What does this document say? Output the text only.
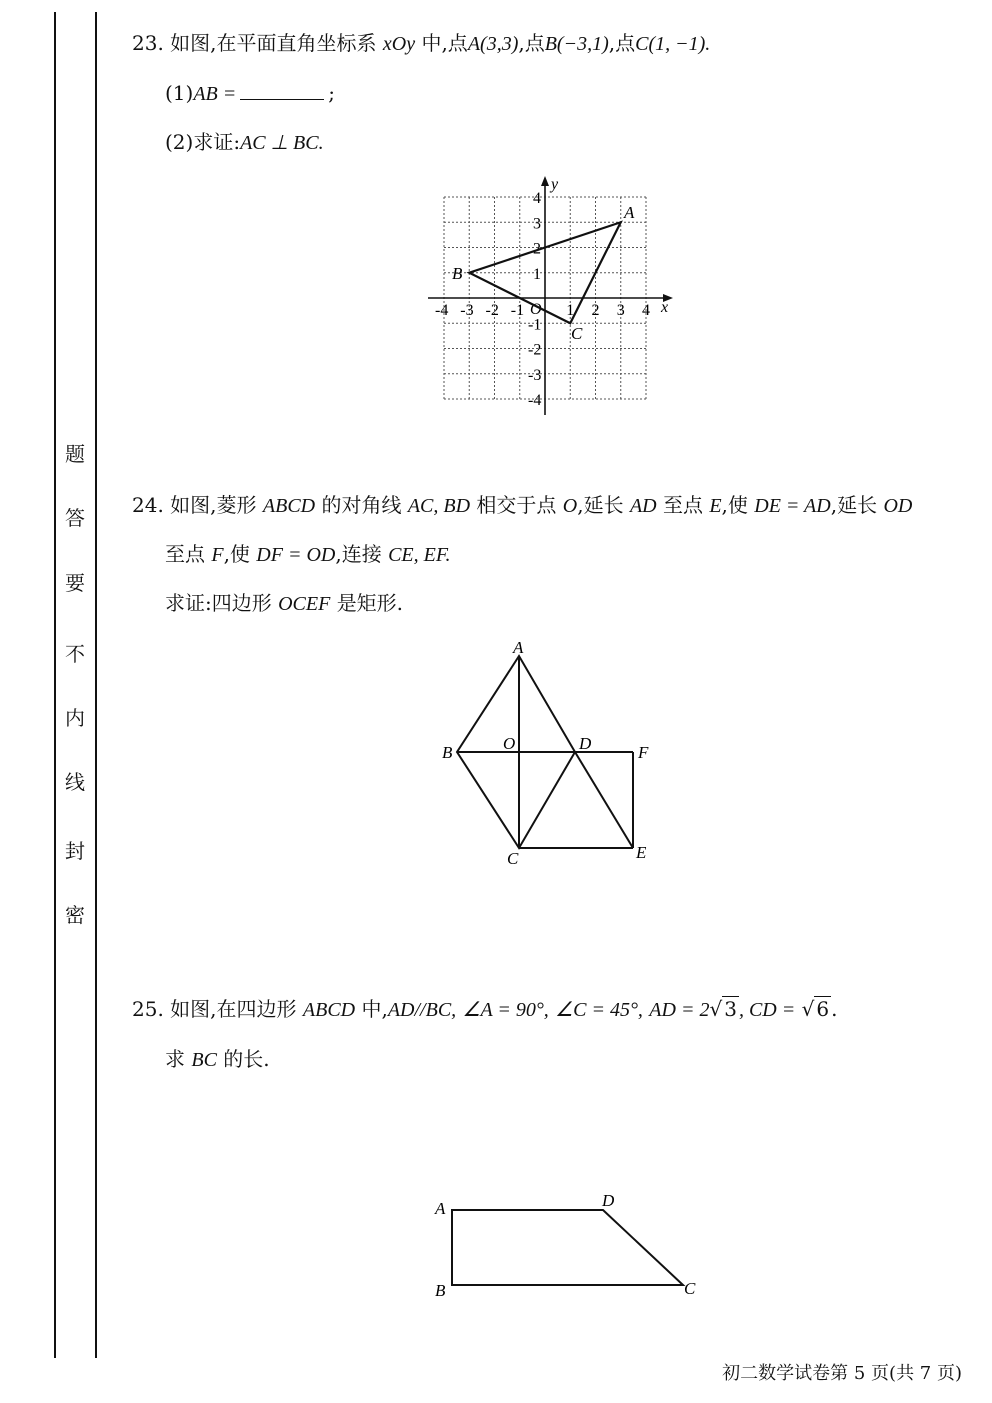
题
答
要
不
内
线
封
密
23. 如图,在平面直角坐标系 xOy 中,点A(3,3),点B(−3,1),点C(1, −1).
(1)AB =	;
(2)求证:AC ⊥ BC.
x
y
-4 -3 -2 -1	1 2 3 4
4
3
2
1
-1
-2
-3
-4
O
A
B
C
24. 如图,菱形 ABCD 的对角线 AC, BD 相交于点 O,延长 AD 至点 E,使 DE = AD,延长 OD
至点 F,使 DF = OD,连接 CE, EF.
求证:四边形 OCEF 是矩形.
A
B	O	D	F
C	E
25. 如图,在四边形 ABCD 中,AD//BC, ∠A = 90°, ∠C = 45°, AD = 2√ 3 , CD = √ 6 .
求 BC 的长.
A	D
B	C
初二数学试卷第 5 页(共 7 页)
